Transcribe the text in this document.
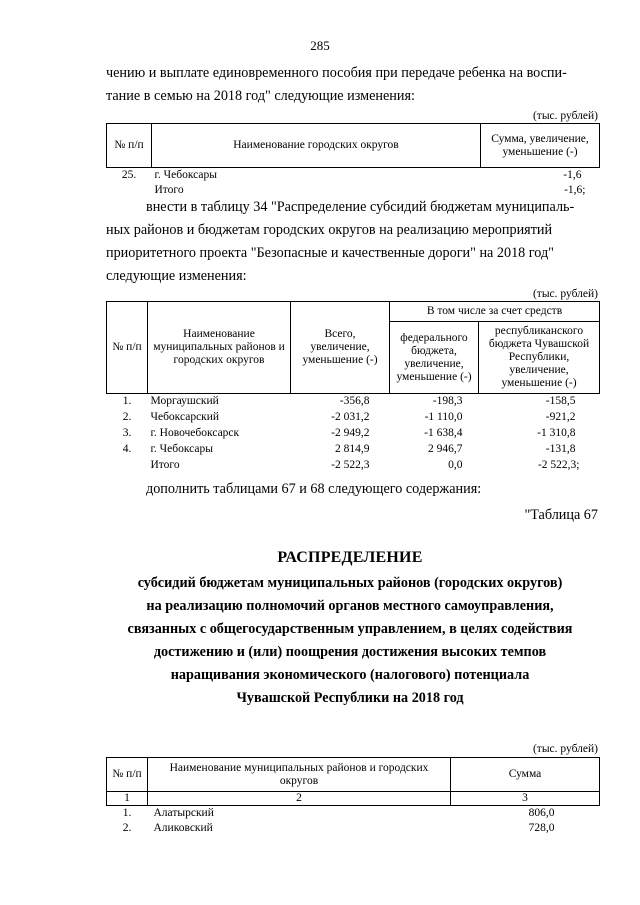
285
чению и выплате единовременного пособия при передаче ребенка на воспи-
тание в семью на 2018 год" следующие изменения:
(тыс. рублей)
№ п/п	Наименование городских округов	Сумма, увеличение, уменьшение (-)
25.	г. Чебоксары	-1,6
	Итого	-1,6;
внести в таблицу 34 "Распределение субсидий бюджетам муниципаль-
ных районов и бюджетам городских округов на реализацию мероприятий
приоритетного проекта "Безопасные и качественные дороги" на 2018 год"
следующие изменения:
(тыс. рублей)
№ п/п	Наименование муниципальных районов и городских округов	Всего, увеличение, уменьшение (-)	В том числе за счет средств	
			федерального бюджета, увеличение, уменьшение (-)	республиканского бюджета Чувашской Республики, увеличение, уменьшение (-)
1.	Моргаушский	-356,8	-198,3	-158,5
2.	Чебоксарский	-2 031,2	-1 110,0	-921,2
3.	г. Новочебоксарск	-2 949,2	-1 638,4	-1 310,8
4.	г. Чебоксары	2 814,9	2 946,7	-131,8
	Итого	-2 522,3	0,0	-2 522,3;
дополнить таблицами 67 и 68 следующего содержания:
"Таблица 67
РАСПРЕДЕЛЕНИЕ
субсидий бюджетам муниципальных районов (городских округов)
на реализацию полномочий органов местного самоуправления,
связанных с общегосударственным управлением, в целях содействия
достижению и (или) поощрения достижения высоких темпов
наращивания экономического (налогового) потенциала
Чувашской Республики на 2018 год
(тыс. рублей)
№ п/п	Наименование муниципальных районов и городских округов	Сумма
1	2	3
1.	Алатырский	806,0
2.	Аликовский	728,0
